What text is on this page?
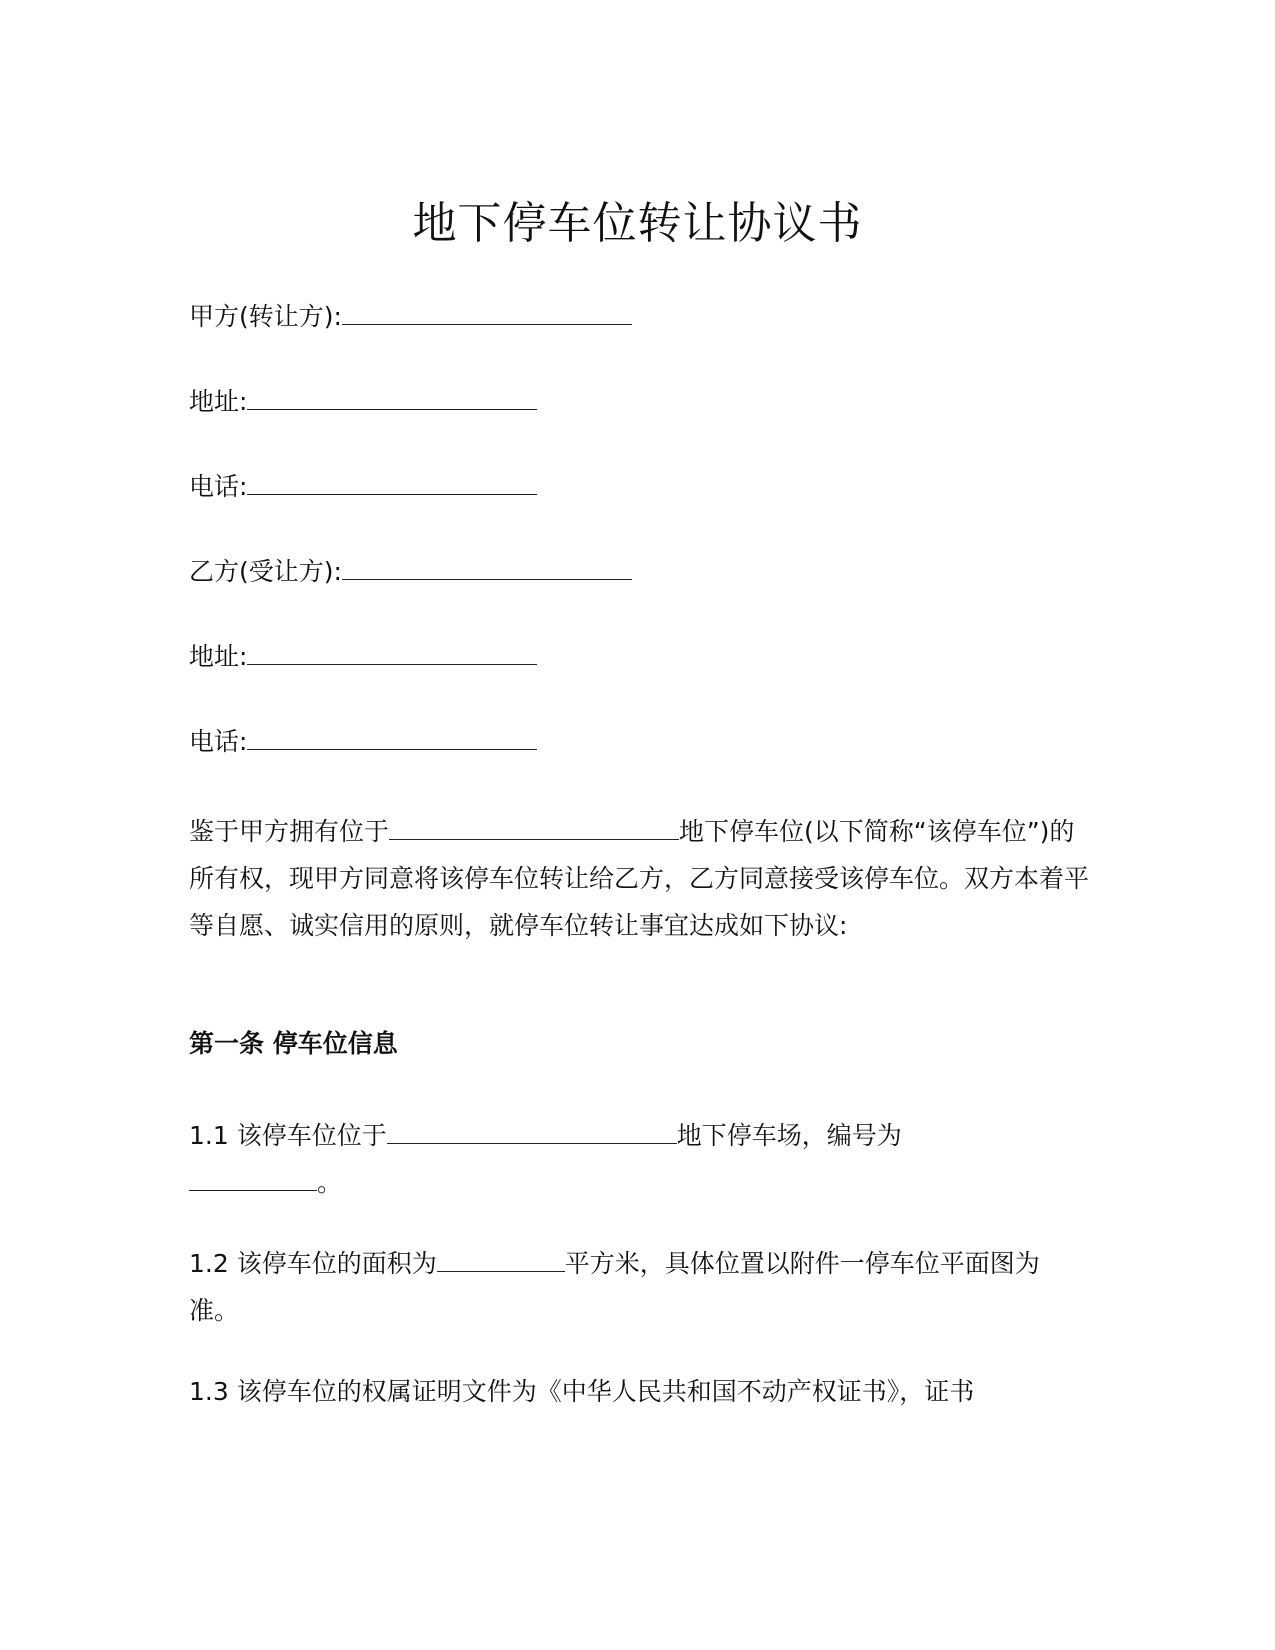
地下停车位转让协议书
甲方(转让方):
地址:
电话:
乙方(受让方):
地址:
电话:
鉴于甲方拥有位于	地下停车位(以下简称“该停车位”)的所有权，现甲方同意将该停车位转让给乙方，乙方同意接受该停车位。双方本着平等自愿、诚实信用的原则，就停车位转让事宜达成如下协议:
第一条 停车位信息
1.1 该停车位位于	地下停车场，编号为
。
1.2 该停车位的面积为	平方米，具体位置以附件一停车位平面图为准。
1.3 该停车位的权属证明文件为《中华人民共和国不动产权证书》，证书
